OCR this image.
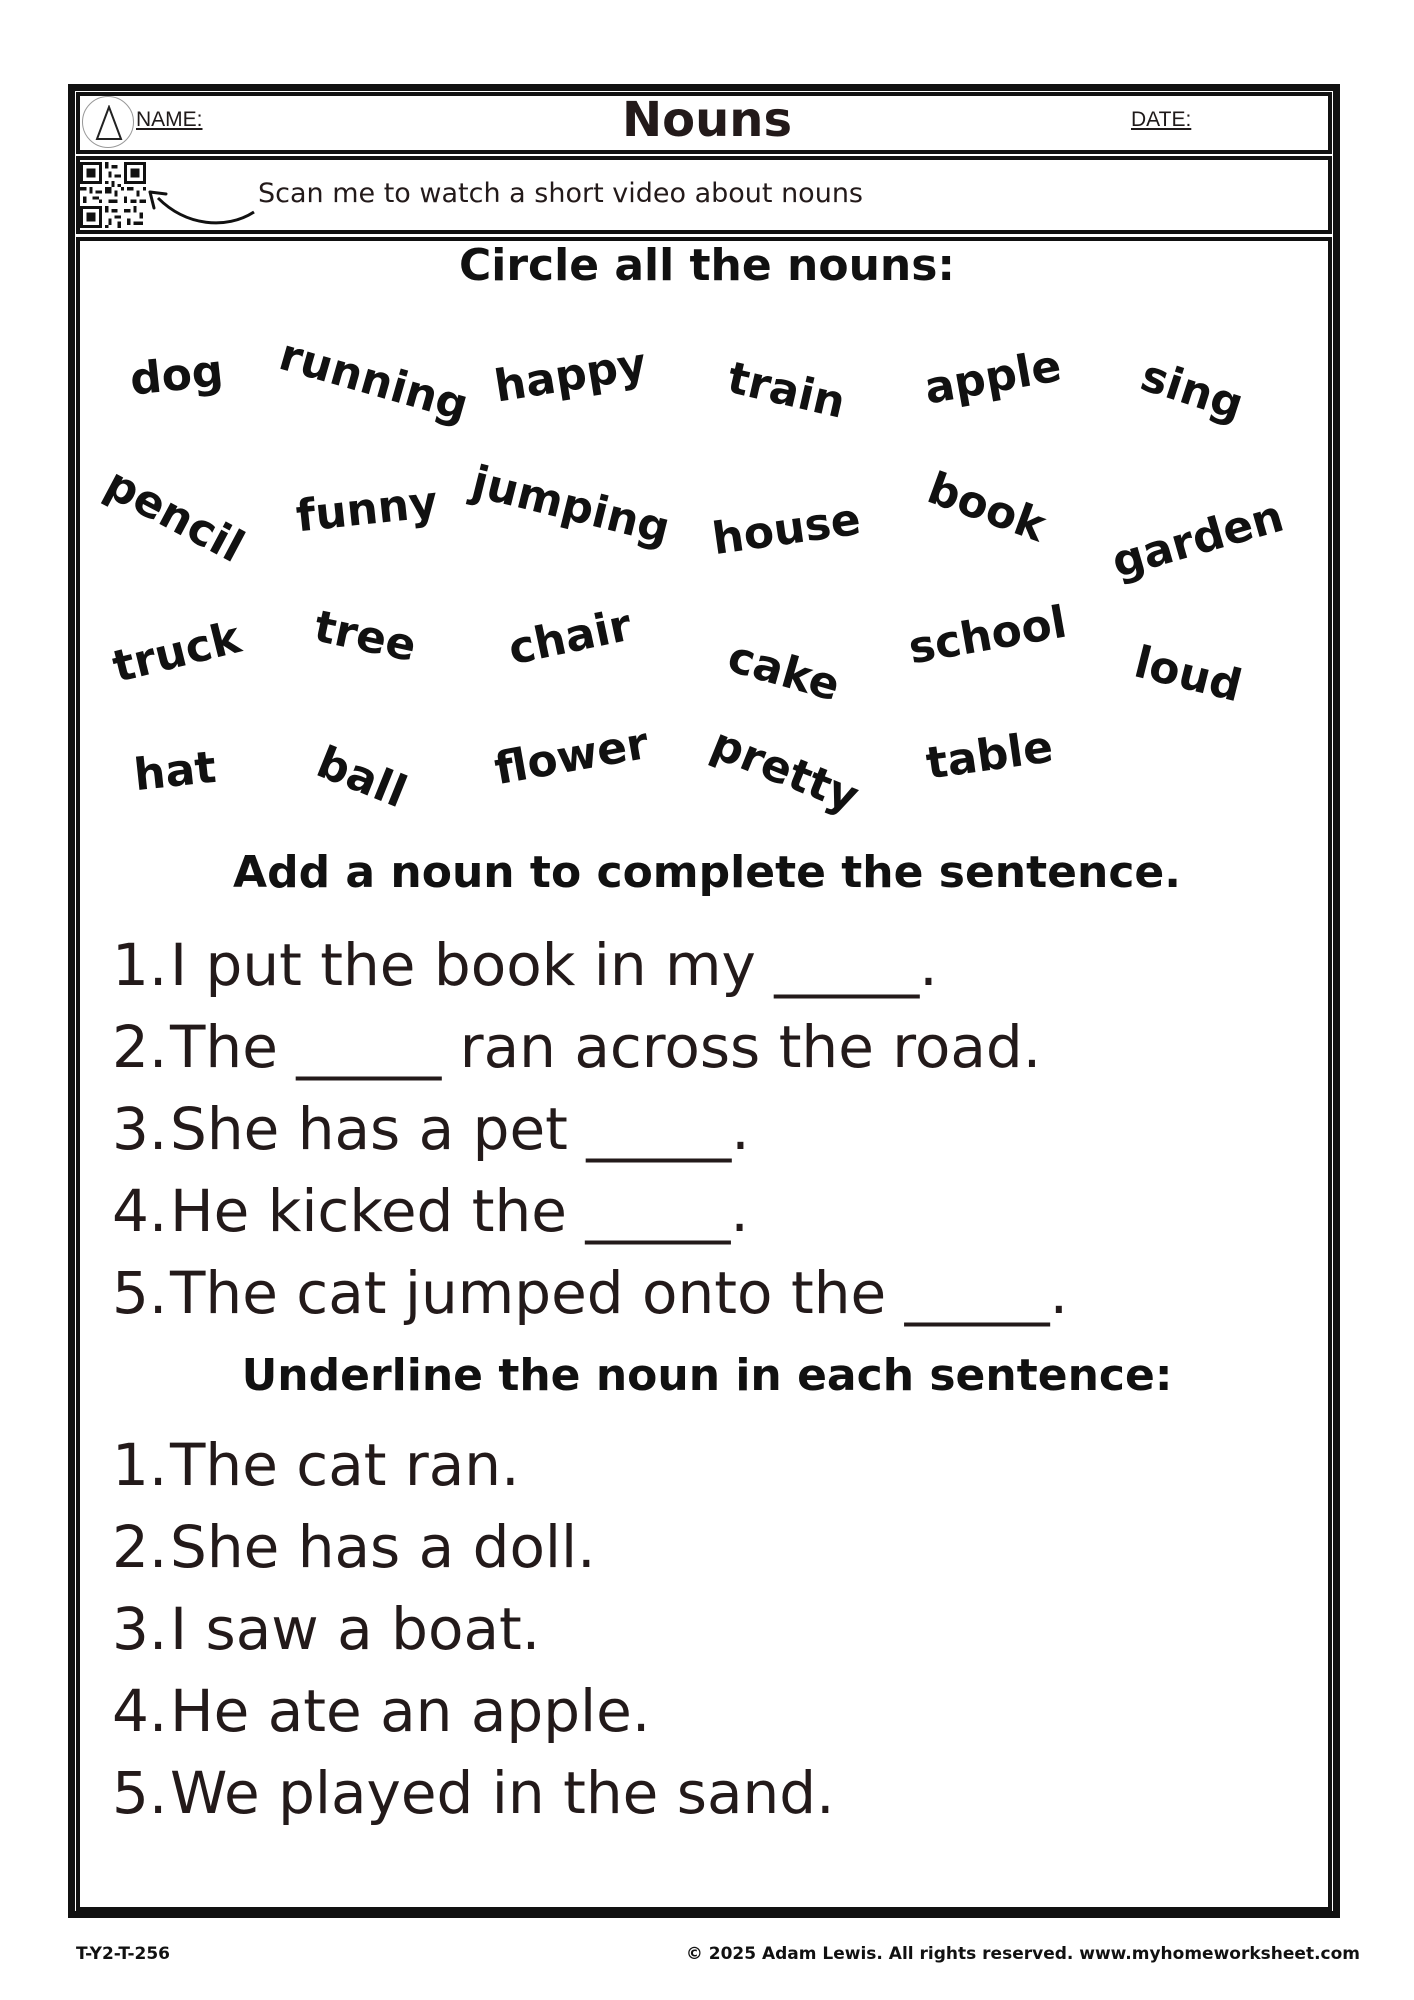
NAME:	Nouns	DATE:
Scan me to watch a short video about nouns
Circle all the nouns:
dog running happy train apple sing
pencil funny jumping house book garden
truck tree chair cake school
loud
hat ball flower pretty table
Add a noun to complete the sentence.
1.I put the book in my _____.
2.The _____ ran across the road.
3.She has a pet _____.
4.He kicked the _____.
5.The cat jumped onto the _____.
Underline the noun in each sentence:
1.The cat ran.
2.She has a doll.
3.I saw a boat.
4.He ate an apple.
5.We played in the sand.
T-Y2-T-256	© 2025 Adam Lewis. All rights reserved. www.myhomeworksheet.com
